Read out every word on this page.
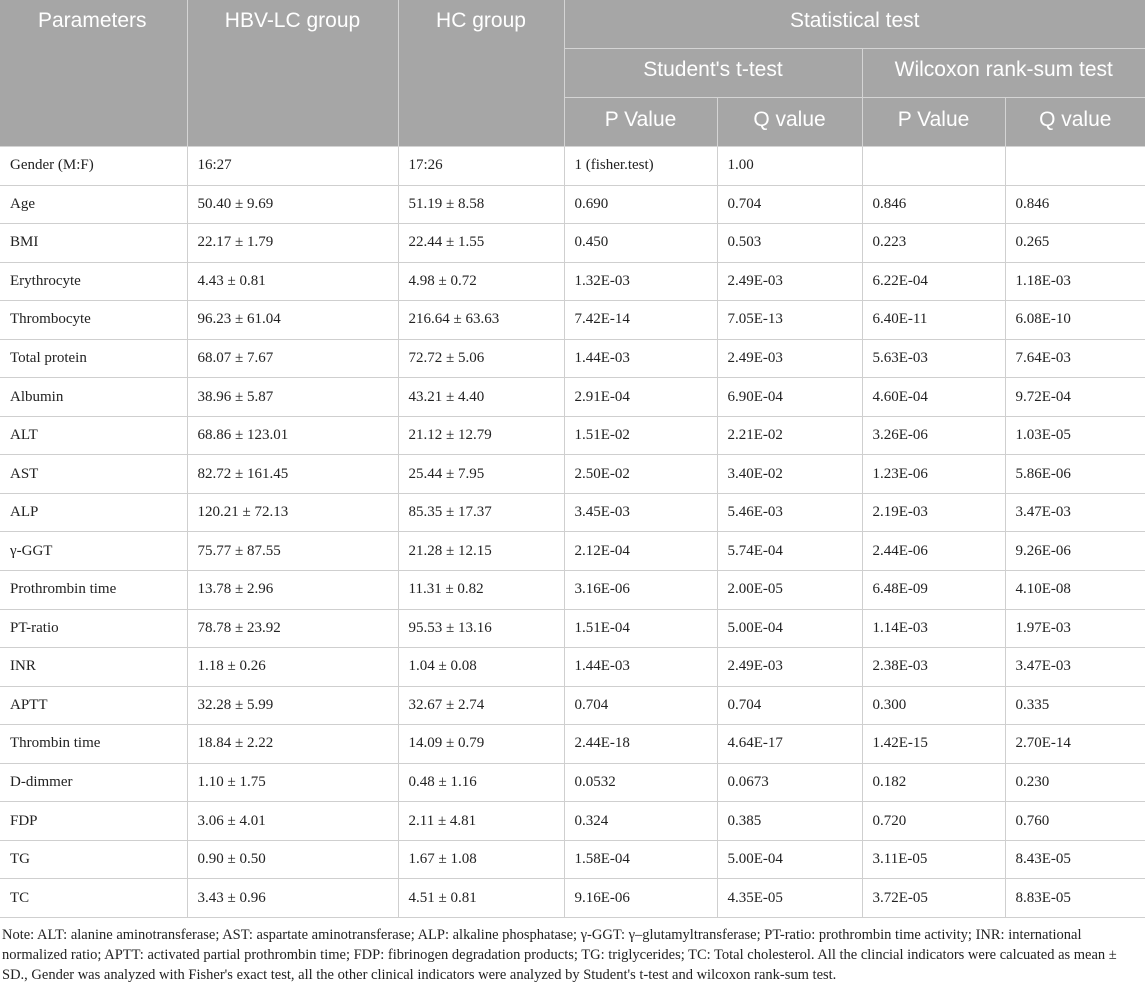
Parameters	HBV-LC group	HC group	Statistical test			
			Student's t-test		Wilcoxon rank-sum test	
			P Value	Q value	P Value	Q value
Gender (M:F)	16:27	17:26	1 (fisher.test)	1.00		
Age	50.40 ± 9.69	51.19 ± 8.58	0.690	0.704	0.846	0.846
BMI	22.17 ± 1.79	22.44 ± 1.55	0.450	0.503	0.223	0.265
Erythrocyte	4.43 ± 0.81	4.98 ± 0.72	1.32E-03	2.49E-03	6.22E-04	1.18E-03
Thrombocyte	96.23 ± 61.04	216.64 ± 63.63	7.42E-14	7.05E-13	6.40E-11	6.08E-10
Total protein	68.07 ± 7.67	72.72 ± 5.06	1.44E-03	2.49E-03	5.63E-03	7.64E-03
Albumin	38.96 ± 5.87	43.21 ± 4.40	2.91E-04	6.90E-04	4.60E-04	9.72E-04
ALT	68.86 ± 123.01	21.12 ± 12.79	1.51E-02	2.21E-02	3.26E-06	1.03E-05
AST	82.72 ± 161.45	25.44 ± 7.95	2.50E-02	3.40E-02	1.23E-06	5.86E-06
ALP	120.21 ± 72.13	85.35 ± 17.37	3.45E-03	5.46E-03	2.19E-03	3.47E-03
γ-GGT	75.77 ± 87.55	21.28 ± 12.15	2.12E-04	5.74E-04	2.44E-06	9.26E-06
Prothrombin time	13.78 ± 2.96	11.31 ± 0.82	3.16E-06	2.00E-05	6.48E-09	4.10E-08
PT-ratio	78.78 ± 23.92	95.53 ± 13.16	1.51E-04	5.00E-04	1.14E-03	1.97E-03
INR	1.18 ± 0.26	1.04 ± 0.08	1.44E-03	2.49E-03	2.38E-03	3.47E-03
APTT	32.28 ± 5.99	32.67 ± 2.74	0.704	0.704	0.300	0.335
Thrombin time	18.84 ± 2.22	14.09 ± 0.79	2.44E-18	4.64E-17	1.42E-15	2.70E-14
D-dimmer	1.10 ± 1.75	0.48 ± 1.16	0.0532	0.0673	0.182	0.230
FDP	3.06 ± 4.01	2.11 ± 4.81	0.324	0.385	0.720	0.760
TG	0.90 ± 0.50	1.67 ± 1.08	1.58E-04	5.00E-04	3.11E-05	8.43E-05
TC	3.43 ± 0.96	4.51 ± 0.81	9.16E-06	4.35E-05	3.72E-05	8.83E-05
Note: ALT: alanine aminotransferase; AST: aspartate aminotransferase; ALP: alkaline phosphatase; γ-GGT: γ–glutamyltransferase; PT-ratio: prothrombin time activity; INR: international normalized ratio; APTT: activated partial prothrombin time; FDP: fibrinogen degradation products; TG: triglycerides; TC: Total cholesterol. All the clincial indicators were calcuated as mean ± SD., Gender was analyzed with Fisher's exact test, all the other clinical indicators were analyzed by Student's t-test and wilcoxon rank-sum test.
